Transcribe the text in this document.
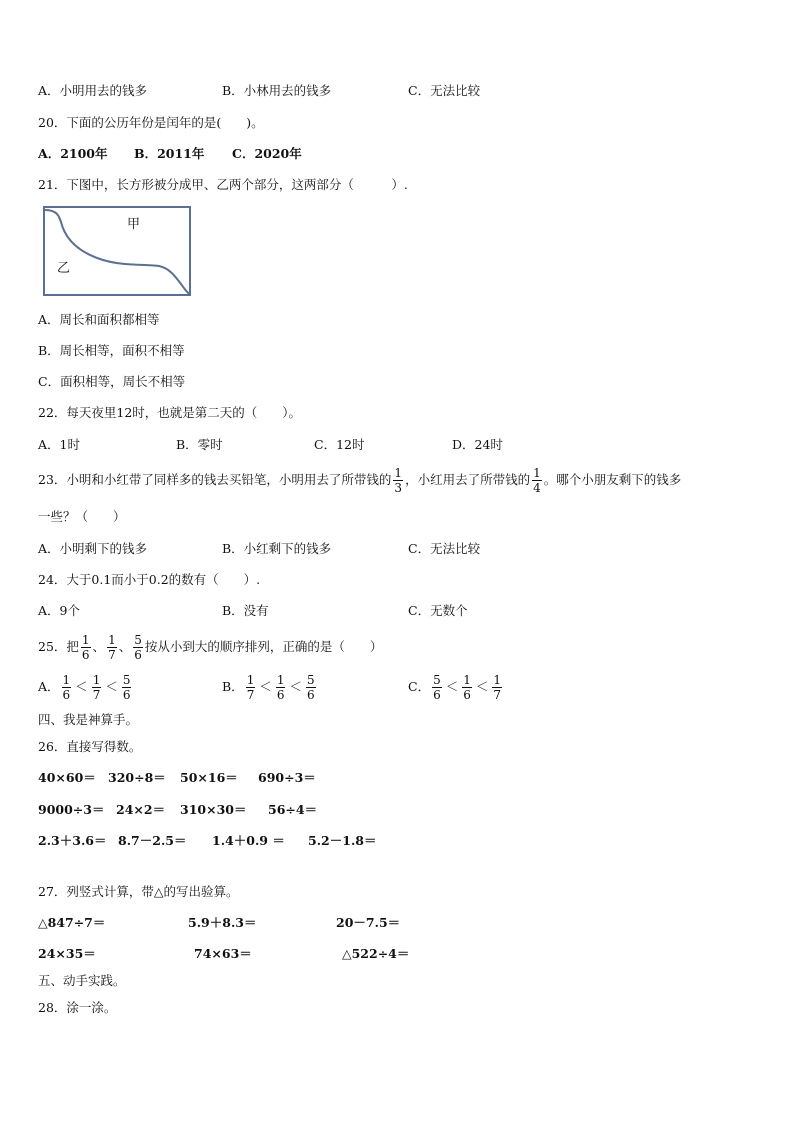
A．小明用去的钱多	B．小林用去的钱多	C．无法比较
20．下面的公历年份是闰年的是(　　)。
A．2100年 B．2011年 C．2020年
21．下图中，长方形被分成甲、乙两个部分，这两部分（　　　）.
甲
乙
A．周长和面积都相等
B．周长相等，面积不相等
C．面积相等，周长不相等
22．每天夜里12时，也就是第二天的（　　）。
A．1时	B．零时	C．12时	D．24时
23．小明和小红带了同样多的钱去买铅笔，小明用去了所带钱的 $\frac{1}{3}$ ，小红用去了所带钱的 $\frac{1}{4}$ 。哪个小朋友剩下的钱多
一些？（　　）
A．小明剩下的钱多	B．小红剩下的钱多	C．无法比较
24．大于0.1而小于0.2的数有（　　）.
A．9个	B．没有	C．无数个
25．把 $\frac{1}{6}$ 、 $\frac{1}{7}$ 、 $\frac{5}{6}$ 按从小到大的顺序排列，正确的是（　　）
A． $\frac{1}{6} < \frac{1}{7} < \frac{5}{6}$	B． $\frac{1}{7} < \frac{1}{6} < \frac{5}{6}$	C． $\frac{5}{6} < \frac{1}{6} < \frac{1}{7}$
四、我是神算手。
26．直接写得数。
40×60＝ 320÷8＝ 50×16＝ 690÷3＝
9000÷3＝ 24×2＝ 310×30＝ 56÷4＝
2.3＋3.6＝ 8.7－2.5＝ 1.4＋0.9 ＝ 5.2－1.8＝
27．列竖式计算，带△的写出验算。
△847÷7＝	5.9＋8.3＝	20－7.5＝
24×35＝	74×63＝	△522÷4＝
五、动手实践。
28．涂一涂。
